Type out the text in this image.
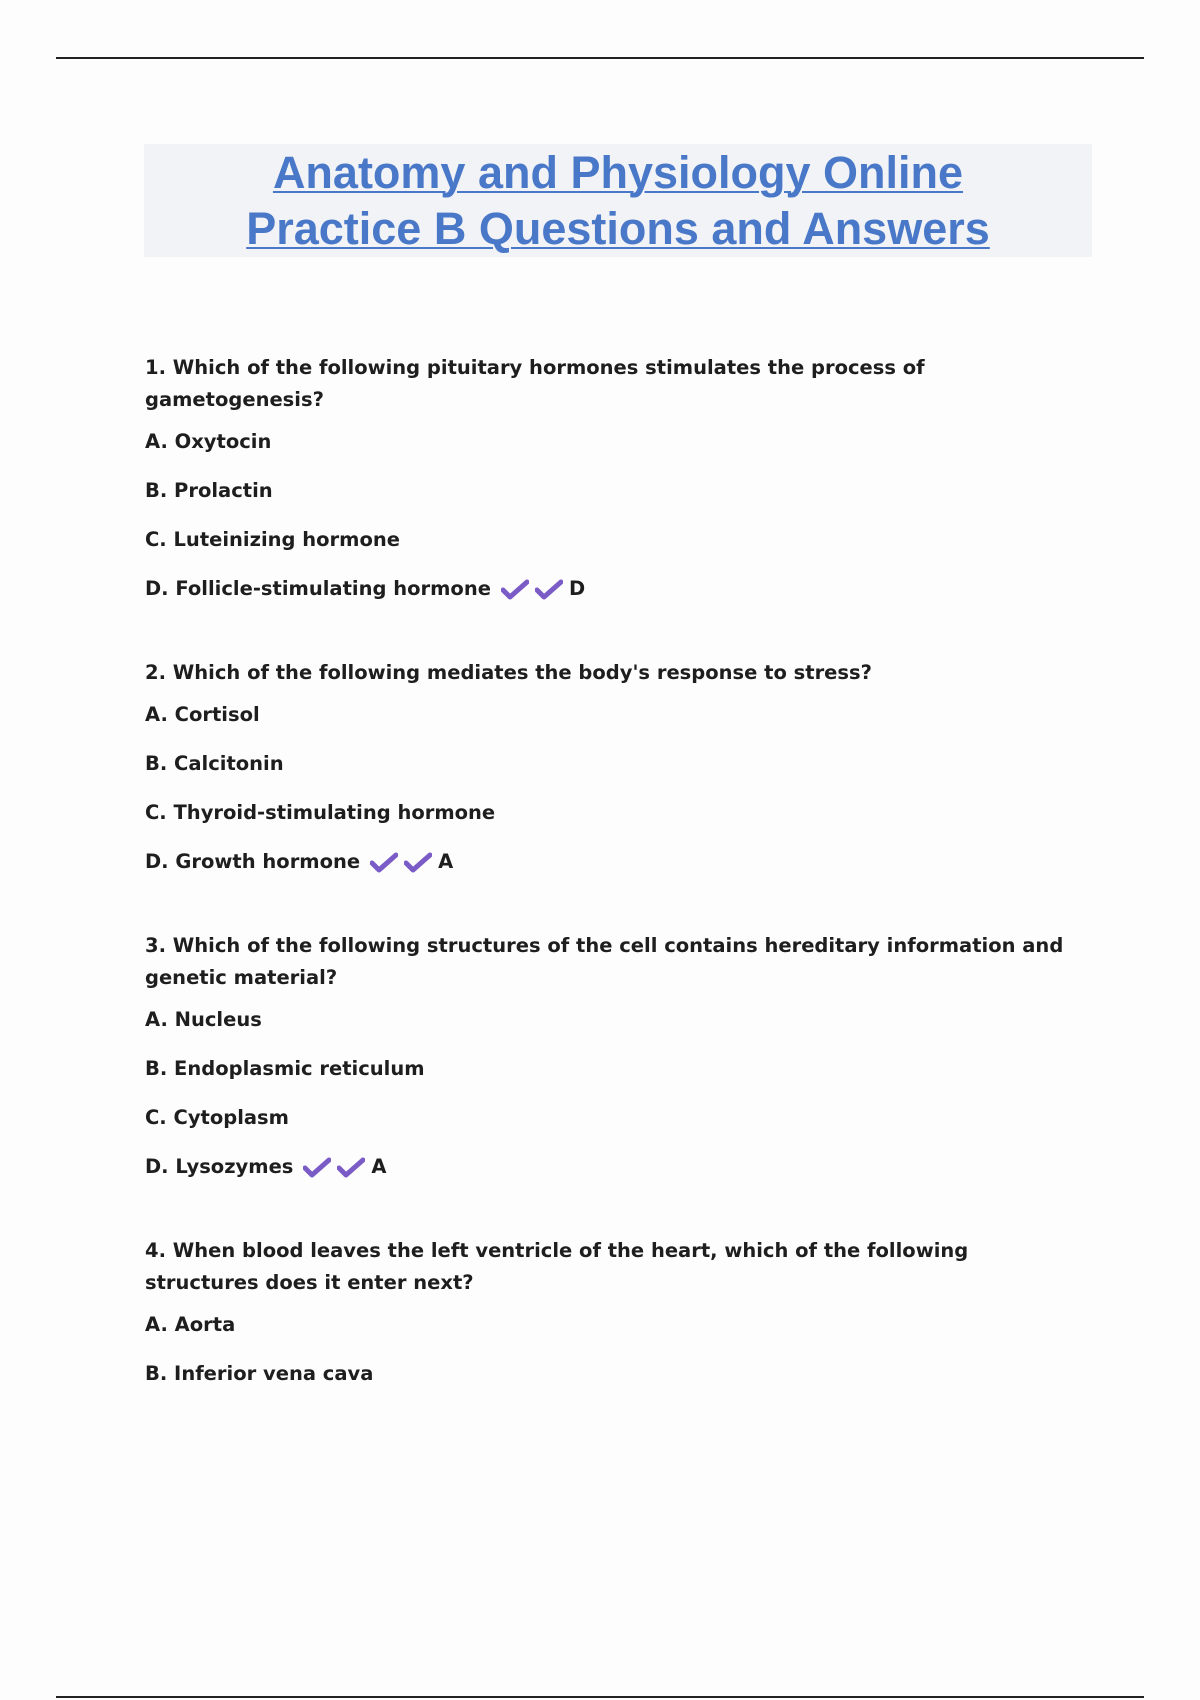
Anatomy and Physiology Online
Practice B Questions and Answers

1. Which of the following pituitary hormones stimulates the process of gametogenesis?

A. Oxytocin
B. Prolactin
C. Luteinizing hormone
D. Follicle-stimulating hormone	D

2. Which of the following mediates the body's response to stress?

A. Cortisol
B. Calcitonin
C. Thyroid-stimulating hormone
D. Growth hormone	A

3. Which of the following structures of the cell contains hereditary information and genetic material?

A. Nucleus
B. Endoplasmic reticulum
C. Cytoplasm
D. Lysozymes	A

4. When blood leaves the left ventricle of the heart, which of the following structures does it enter next?

A. Aorta
B. Inferior vena cava
